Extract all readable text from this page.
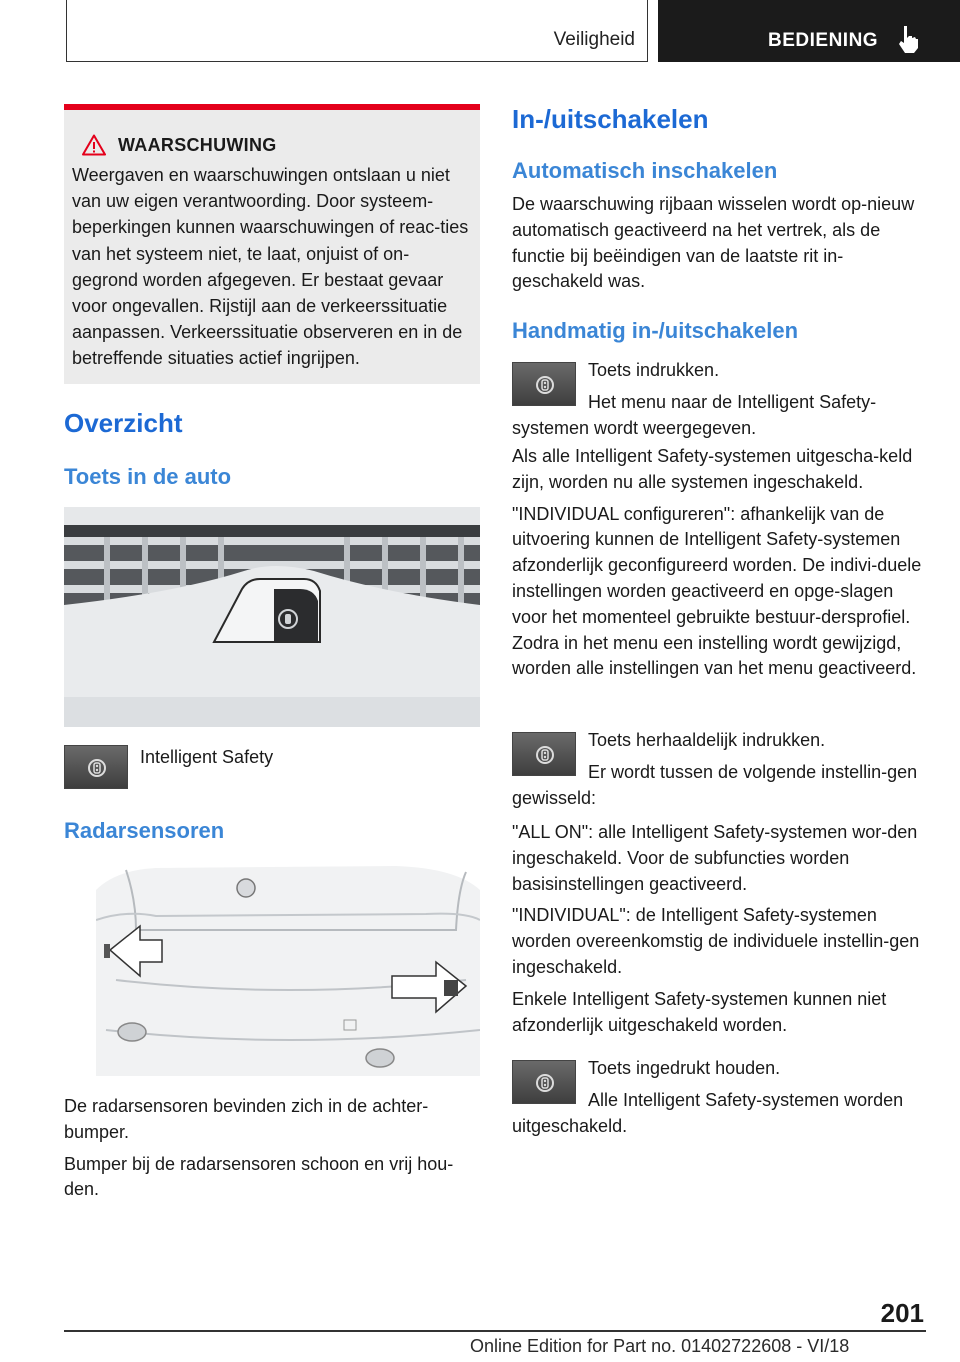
Veiligheid	BEDIENING
WAARSCHUWING
Weergaven en waarschuwingen ontslaan u niet van uw eigen verantwoording. Door systeem-beperkingen kunnen waarschuwingen of reac-ties van het systeem niet, te laat, onjuist of on-gegrond worden afgegeven. Er bestaat gevaar voor ongevallen. Rijstijl aan de verkeerssituatie aanpassen. Verkeerssituatie observeren en in de betreffende situaties actief ingrijpen.
Overzicht
Toets in de auto
Intelligent Safety
Radarsensoren

De radarsensoren bevinden zich in de achter-bumper.

Bumper bij de radarsensoren schoon en vrij hou-den.

In-/uitschakelen
Automatisch inschakelen
De waarschuwing rijbaan wisselen wordt op-nieuw automatisch geactiveerd na het vertrek, als de functie bij beëindigen van de laatste rit in-geschakeld was.
Handmatig in-/uitschakelen
Toets indrukken.
Het menu naar de Intelligent Safety-systemen wordt weergegeven.

Als alle Intelligent Safety-systemen uitgescha-keld zijn, worden nu alle systemen ingeschakeld.

"INDIVIDUAL configureren": afhankelijk van de uitvoering kunnen de Intelligent Safety-systemen afzonderlijk geconfigureerd worden. De indivi-duele instellingen worden geactiveerd en opge-slagen voor het momenteel gebruikte bestuur-dersprofiel. Zodra in het menu een instelling wordt gewijzigd, worden alle instellingen van het menu geactiveerd.

Toets herhaaldelijk indrukken.
Er wordt tussen de volgende instellin-gen gewisseld:

"ALL ON": alle Intelligent Safety-systemen wor-den ingeschakeld. Voor de subfuncties worden basisinstellingen geactiveerd.

"INDIVIDUAL": de Intelligent Safety-systemen worden overeenkomstig de individuele instellin-gen ingeschakeld.

Enkele Intelligent Safety-systemen kunnen niet afzonderlijk uitgeschakeld worden.

Toets ingedrukt houden.
Alle Intelligent Safety-systemen worden uitgeschakeld.
201
Online Edition for Part no. 01402722608 - VI/18
